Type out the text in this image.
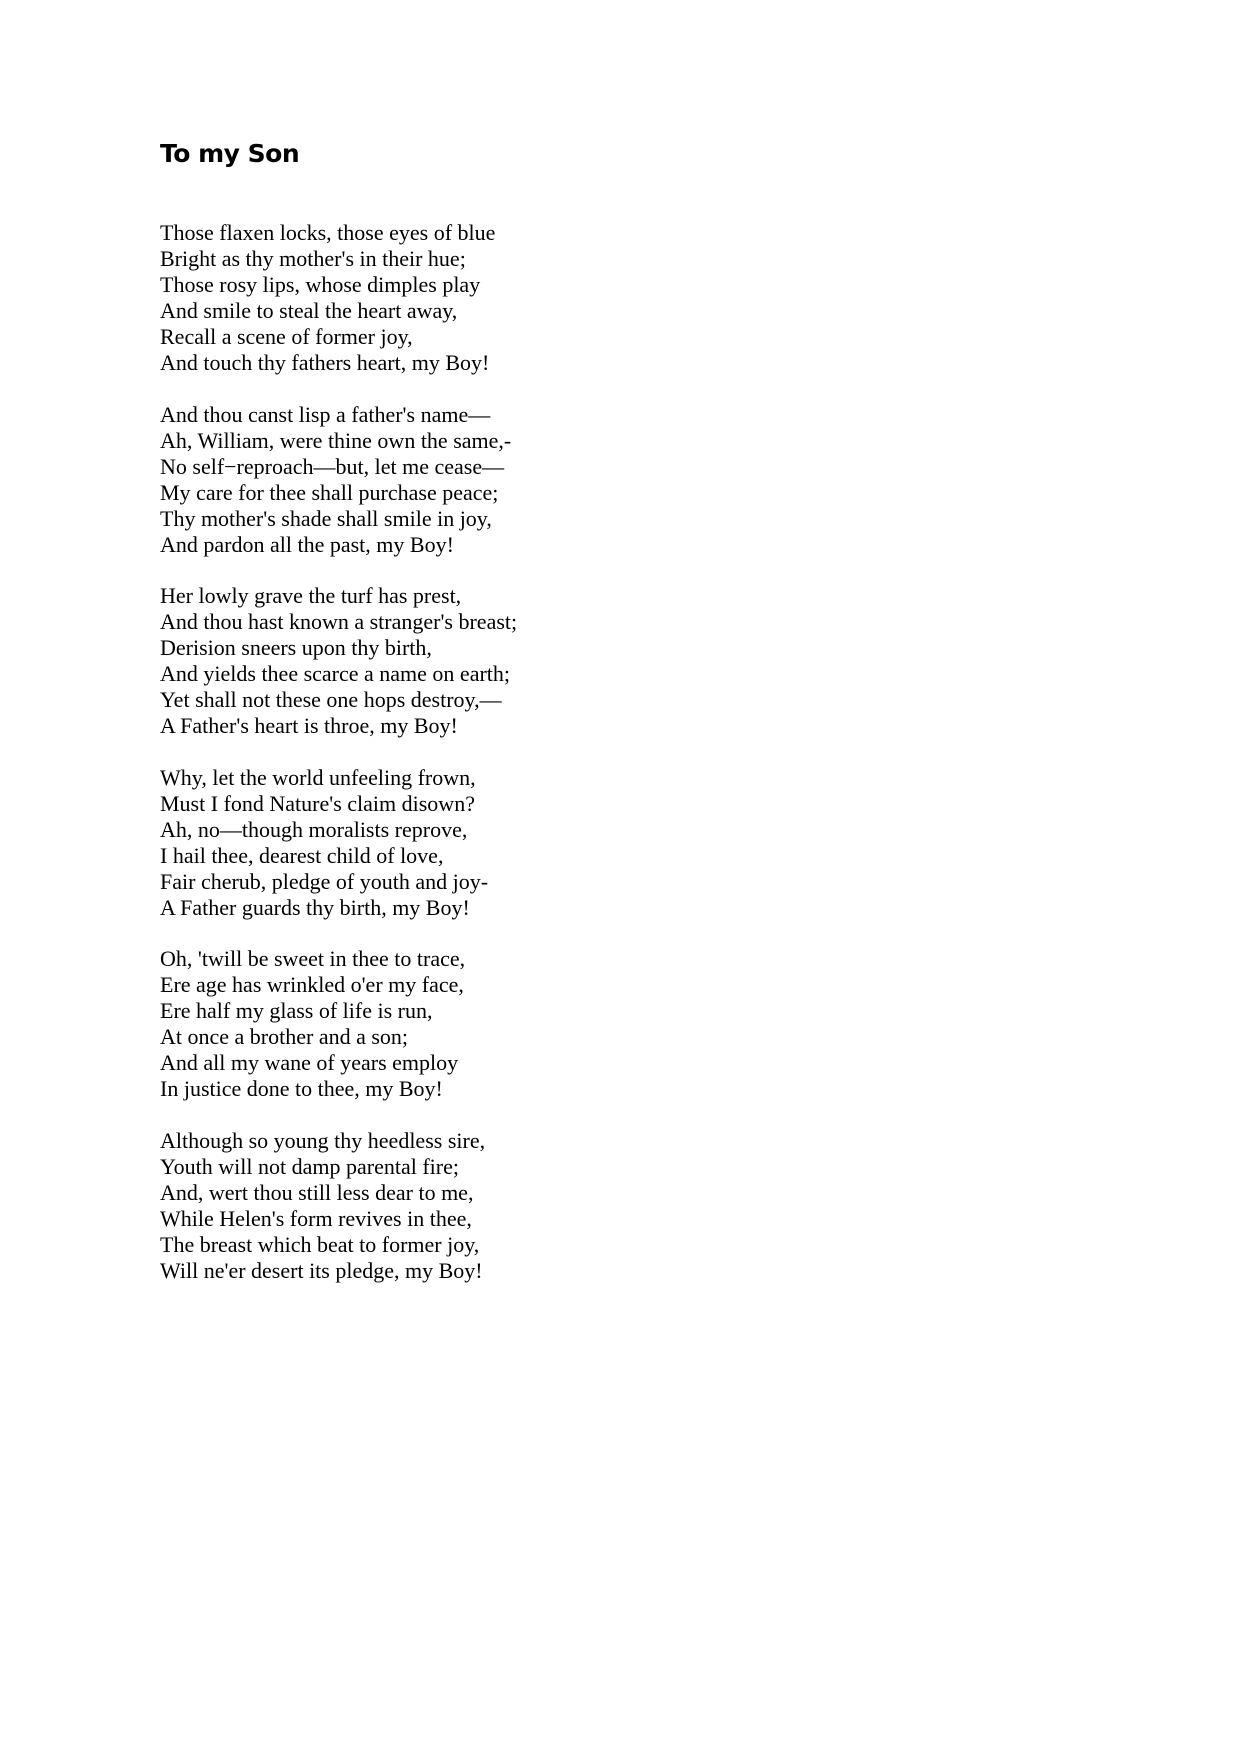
To my Son
Those flaxen locks, those eyes of blue
Bright as thy mother's in their hue;
Those rosy lips, whose dimples play
And smile to steal the heart away,
Recall a scene of former joy,
And touch thy fathers heart, my Boy!
And thou canst lisp a father's name—
Ah, William, were thine own the same,-
No self−reproach—but, let me cease—
My care for thee shall purchase peace;
Thy mother's shade shall smile in joy,
And pardon all the past, my Boy!
Her lowly grave the turf has prest,
And thou hast known a stranger's breast;
Derision sneers upon thy birth,
And yields thee scarce a name on earth;
Yet shall not these one hops destroy,—
A Father's heart is throe, my Boy!
Why, let the world unfeeling frown,
Must I fond Nature's claim disown?
Ah, no—though moralists reprove,
I hail thee, dearest child of love,
Fair cherub, pledge of youth and joy-
A Father guards thy birth, my Boy!
Oh, 'twill be sweet in thee to trace,
Ere age has wrinkled o'er my face,
Ere half my glass of life is run,
At once a brother and a son;
And all my wane of years employ
In justice done to thee, my Boy!
Although so young thy heedless sire,
Youth will not damp parental fire;
And, wert thou still less dear to me,
While Helen's form revives in thee,
The breast which beat to former joy,
Will ne'er desert its pledge, my Boy!
